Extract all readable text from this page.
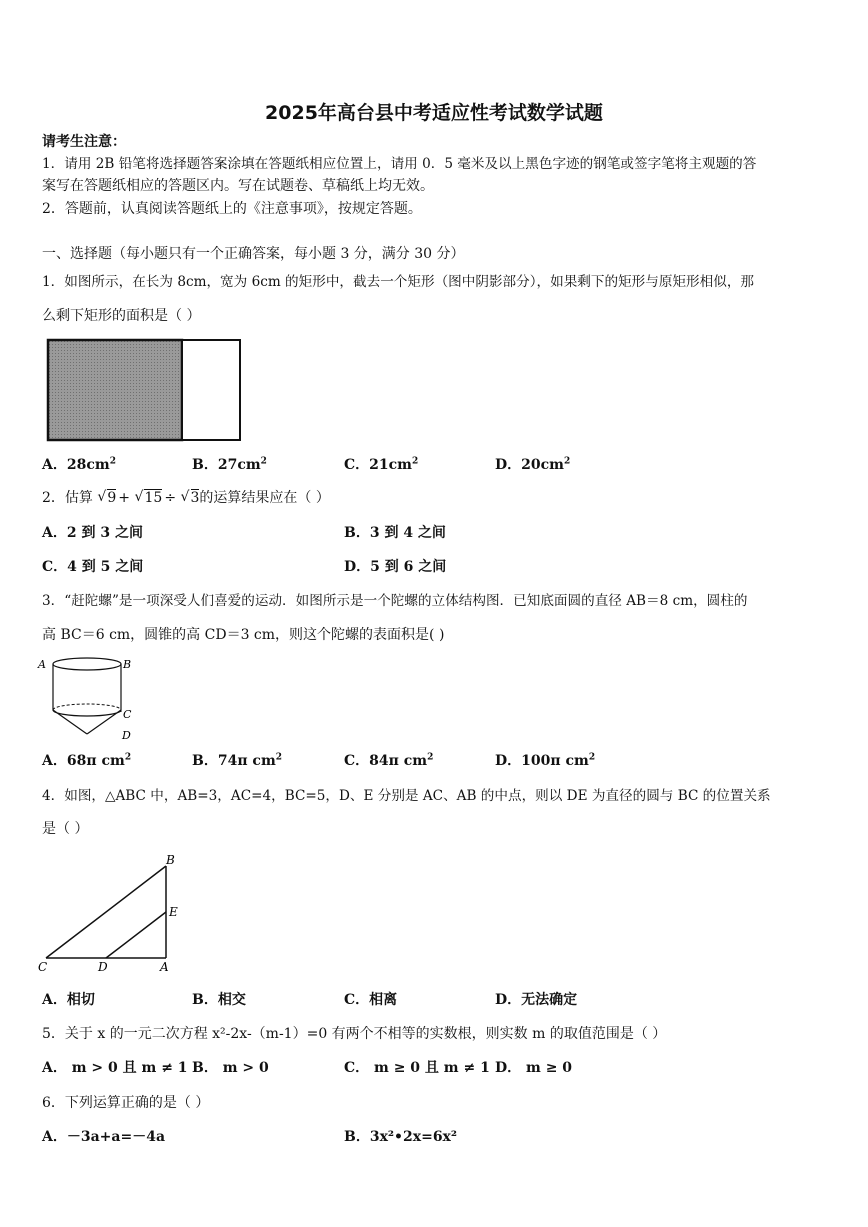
2025年高台县中考适应性考试数学试题
请考生注意：
1．请用 2B 铅笔将选择题答案涂填在答题纸相应位置上，请用 0．5 毫米及以上黑色字迹的钢笔或签字笔将主观题的答
案写在答题纸相应的答题区内。写在试题卷、草稿纸上均无效。
2．答题前，认真阅读答题纸上的《注意事项》，按规定答题。
一、选择题（每小题只有一个正确答案，每小题 3 分，满分 30 分）
1．如图所示，在长为 8cm，宽为 6cm 的矩形中，截去一个矩形（图中阴影部分），如果剩下的矩形与原矩形相似，那
么剩下矩形的面积是（ ）
A．$28cm^2$	B．$27cm^2$	C．$21cm^2$	D．$20cm^2$
2．估算 √ 9 + √ 15 ÷ √ 3的运算结果应在（ ）
A．2 到 3 之间	B．3 到 4 之间
C．4 到 5 之间	D．5 到 6 之间
3．“赶陀螺”是一项深受人们喜爱的运动．如图所示是一个陀螺的立体结构图．已知底面圆的直径 AB＝8 cm，圆柱的
高 BC＝6 cm，圆锥的高 CD＝3 cm，则这个陀螺的表面积是( )
A	B
C
D
A．68π $cm^2$	B．74π $cm^2$	C．84π $cm^2$	D．100π $cm^2$
4．如图，△ABC 中，AB=3，AC=4，BC=5，D、E 分别是 AC、AB 的中点，则以 DE 为直径的圆与 BC 的位置关系
是（ ）
C	D	A
B
E
A．相切	B．相交	C．相离	D．无法确定
5．关于 x 的一元二次方程 x²-2x-（m-1）=0 有两个不相等的实数根，则实数 m 的取值范围是（ ）
A． m > 0 且 m ≠ 1 B． m > 0	C． m ≥ 0 且 m ≠ 1 D． m ≥ 0
6．下列运算正确的是（ ）
A．－3a+a=－4a	B．3x²•2x=6x²
